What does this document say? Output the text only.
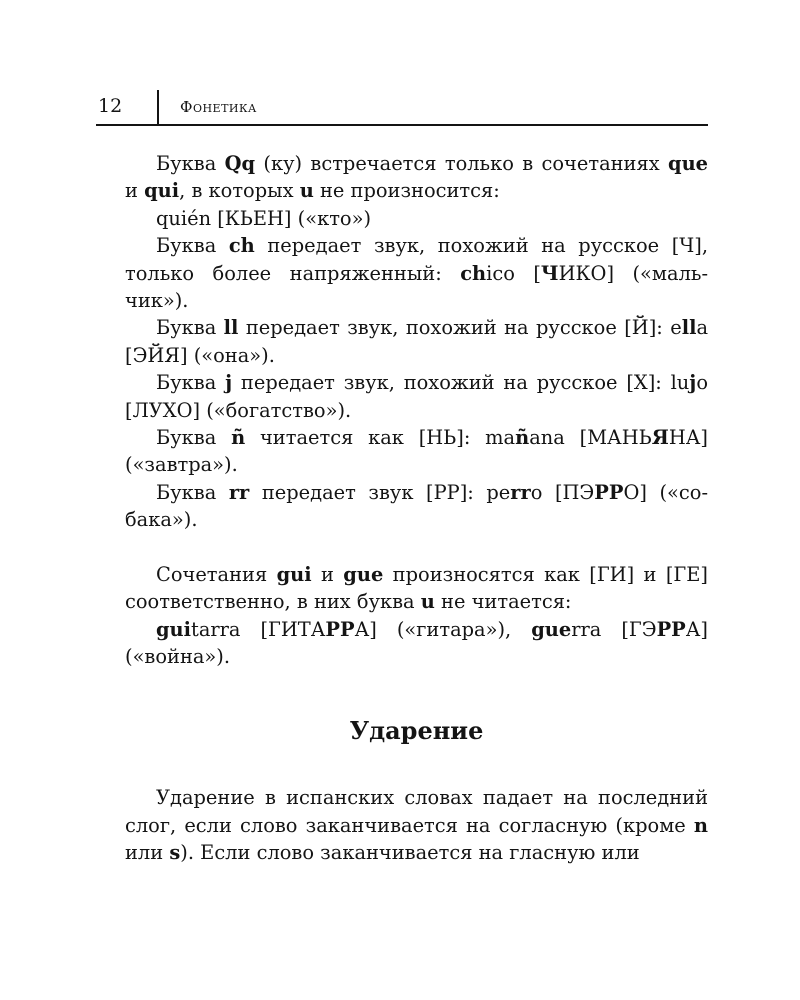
12	Фонетика

Буква Qq (ку) встречается только в сочетаниях que и qui, в которых u не произносится:

quién [КЬЕН] («кто»)

Буква ch передает звук, похожий на русское [Ч], только более напряженный: chico [ЧИКО] («маль-чик»).

Буква ll передает звук, похожий на русское [Й]: ella [ЭЙЯ] («она»).

Буква j передает звук, похожий на русское [Х]: lujo [ЛУХО] («богатство»).

Буква ñ читается как [НЬ]: mañana [МАНЬЯНА] («завтра»).

Буква rr передает звук [РР]: perro [ПЭРРО] («со-бака»).

Сочетания gui и gue произносятся как [ГИ] и [ГЕ] соответственно, в них буква u не читается:

guitarra [ГИТАРРА] («гитара»), guerra [ГЭРРА] («война»).

Ударение

Ударение в испанских словах падает на последний слог, если слово заканчивается на согласную (кроме n или s). Если слово заканчивается на гласную или
